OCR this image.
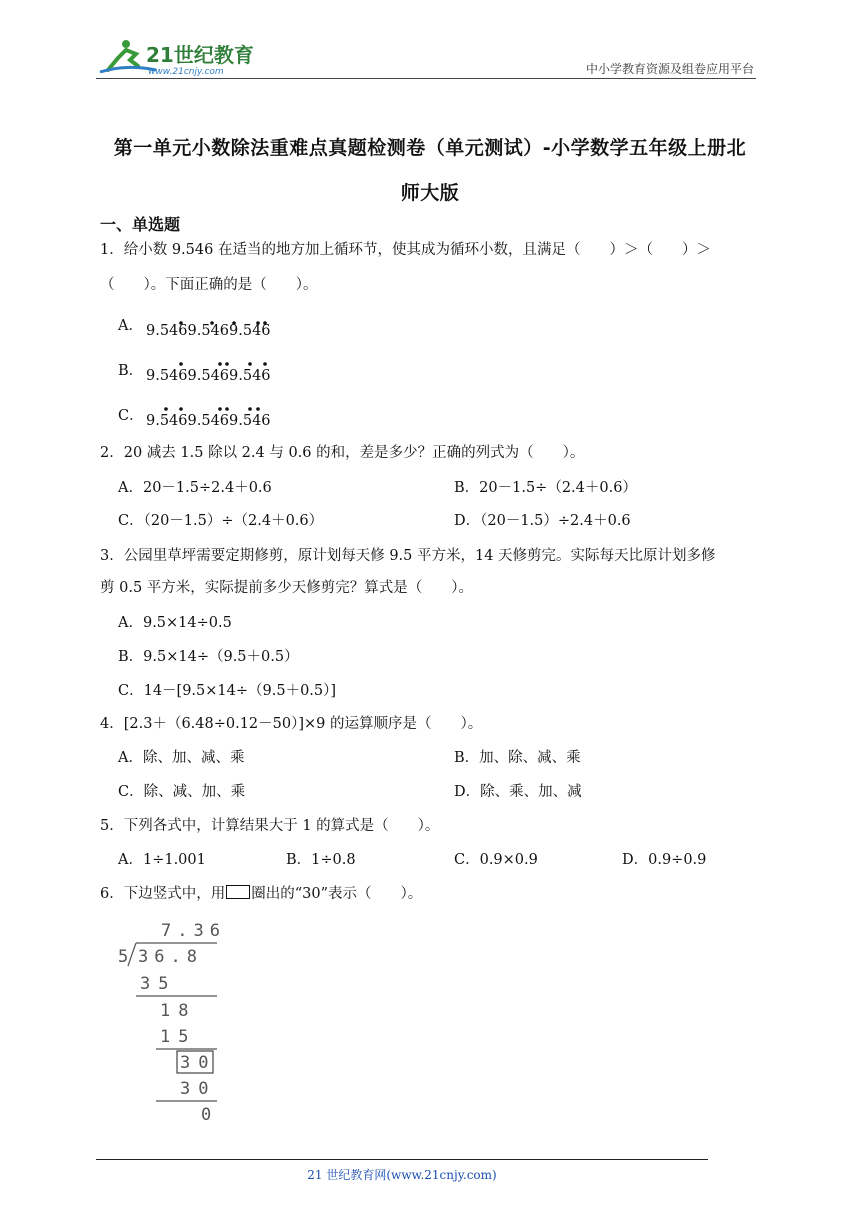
21世纪教育
www.21cnjy.com	中小学教育资源及组卷应用平台
第一单元小数除法重难点真题检测卷（单元测试）-小学数学五年级上册北
师大版
一、单选题
1．给小数 9.546 在适当的地方加上循环节，使其成为循环小数，且满足（　　）＞（　　）＞
（　　）。下面正确的是（　　）。
A． 9.5469.5469.546
B． 9.5469.5469.546
C． 9.5469.5469.546
2．20 减去 1.5 除以 2.4 与 0.6 的和，差是多少？正确的列式为（　　）。
A．20－1.5÷2.4＋0.6	B．20－1.5÷（2.4＋0.6）
C．（20－1.5）÷（2.4＋0.6）	D．（20－1.5）÷2.4＋0.6
3．公园里草坪需要定期修剪，原计划每天修 9.5 平方米，14 天修剪完。实际每天比原计划多修
剪 0.5 平方米，实际提前多少天修剪完？算式是（　　）。
A．9.5×14÷0.5
B．9.5×14÷（9.5＋0.5）
C．14－[9.5×14÷（9.5＋0.5）]
4．[2.3＋（6.48÷0.12－50）]×9 的运算顺序是（　　）。
A．除、加、减、乘	B．加、除、减、乘
C．除、减、加、乘	D．除、乘、加、减
5．下列各式中，计算结果大于 1 的算式是（　　）。
A．1÷1.001	B．1÷0.8	C．0.9×0.9	D．0.9÷0.9
6．下边竖式中，用 圈出的“30”表示（　　）。
7.36
5 36.8
35
18
15
30
30
0
21 世纪教育网(www.21cnjy.com)
